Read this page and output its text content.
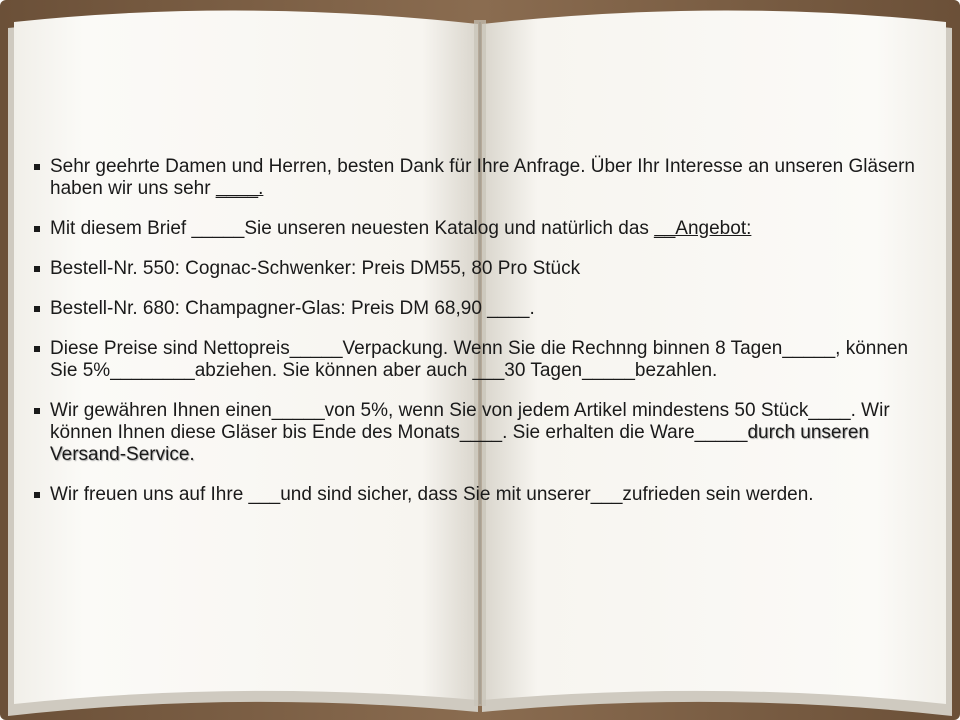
Sehr geehrte Damen und Herren, besten Dank für Ihre Anfrage. Über Ihr Interesse an unseren Gläsern haben wir uns sehr ____.
Mit diesem Brief _____Sie unseren neuesten Katalog und natürlich das __Angebot:
Bestell-Nr. 550: Cognac-Schwenker: Preis DM55, 80 Pro Stück
Bestell-Nr. 680: Champagner-Glas: Preis DM 68,90 ____.
Diese Preise sind Nettopreis_____Verpackung. Wenn Sie die Rechnng binnen 8 Tagen_____, können Sie 5%________abziehen. Sie können aber auch ___30 Tagen_____bezahlen.
Wir gewähren Ihnen einen_____von 5%, wenn Sie von jedem Artikel mindestens 50 Stück____. Wir können Ihnen diese Gläser bis Ende des Monats____. Sie erhalten die Ware_____durch unseren Versand-Service.
Wir freuen uns auf Ihre ___und sind sicher, dass Sie mit unserer___zufrieden sein werden.
